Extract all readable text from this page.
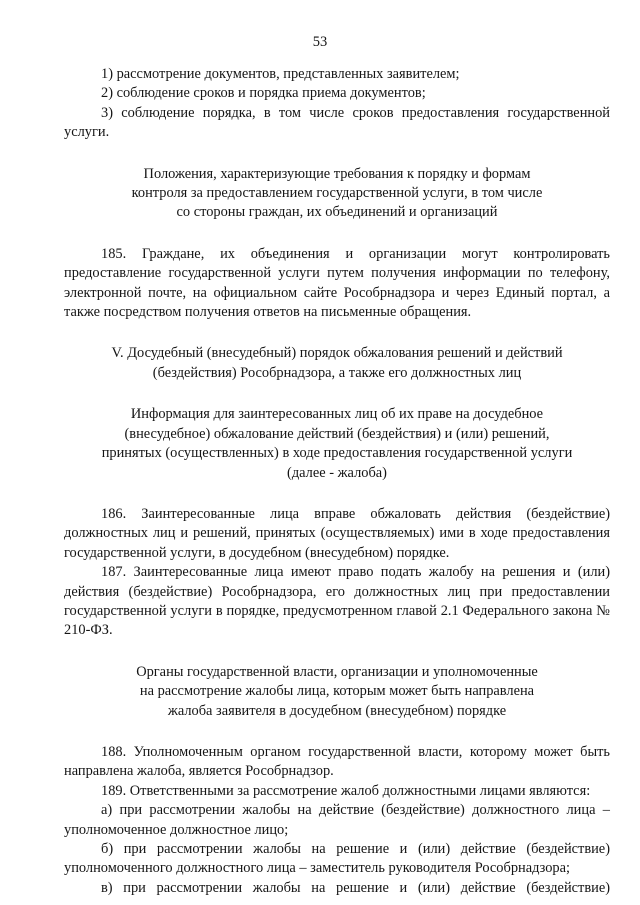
53

1) рассмотрение документов, представленных заявителем;

2) соблюдение сроков и порядка приема документов;

3) соблюдение порядка, в том числе сроков предоставления государственной услуги.

Положения, характеризующие требования к порядку и формам

контроля за предоставлением государственной услуги, в том числе

со стороны граждан, их объединений и организаций

185. Граждане, их объединения и организации могут контролировать предоставление государственной услуги путем получения информации по телефону, электронной почте, на официальном сайте Рособрнадзора и через Единый портал, а также посредством получения ответов на письменные обращения.

V. Досудебный (внесудебный) порядок обжалования решений и действий

(бездействия) Рособрнадзора, а также его должностных лиц

Информация для заинтересованных лиц об их праве на досудебное

(внесудебное) обжалование действий (бездействия) и (или) решений,

принятых (осуществленных) в ходе предоставления государственной услуги

(далее - жалоба)

186. Заинтересованные лица вправе обжаловать действия (бездействие) должностных лиц и решений, принятых (осуществляемых) ими в ходе предоставления государственной услуги, в досудебном (внесудебном) порядке.

187. Заинтересованные лица имеют право подать жалобу на решения и (или) действия (бездействие) Рособрнадзора, его должностных лиц при предоставлении государственной услуги в порядке, предусмотренном главой 2.1 Федерального закона № 210-ФЗ.

Органы государственной власти, организации и уполномоченные

на рассмотрение жалобы лица, которым может быть направлена

жалоба заявителя в досудебном (внесудебном) порядке

188. Уполномоченным органом государственной власти, которому может быть направлена жалоба, является Рособрнадзор.

189. Ответственными за рассмотрение жалоб должностными лицами являются:

а) при рассмотрении жалобы на действие (бездействие) должностного лица – уполномоченное должностное лицо;

б) при рассмотрении жалобы на решение и (или) действие (бездействие) уполномоченного должностного лица – заместитель руководителя Рособрнадзора;

в) при рассмотрении жалобы на решение и (или) действие (бездействие)
